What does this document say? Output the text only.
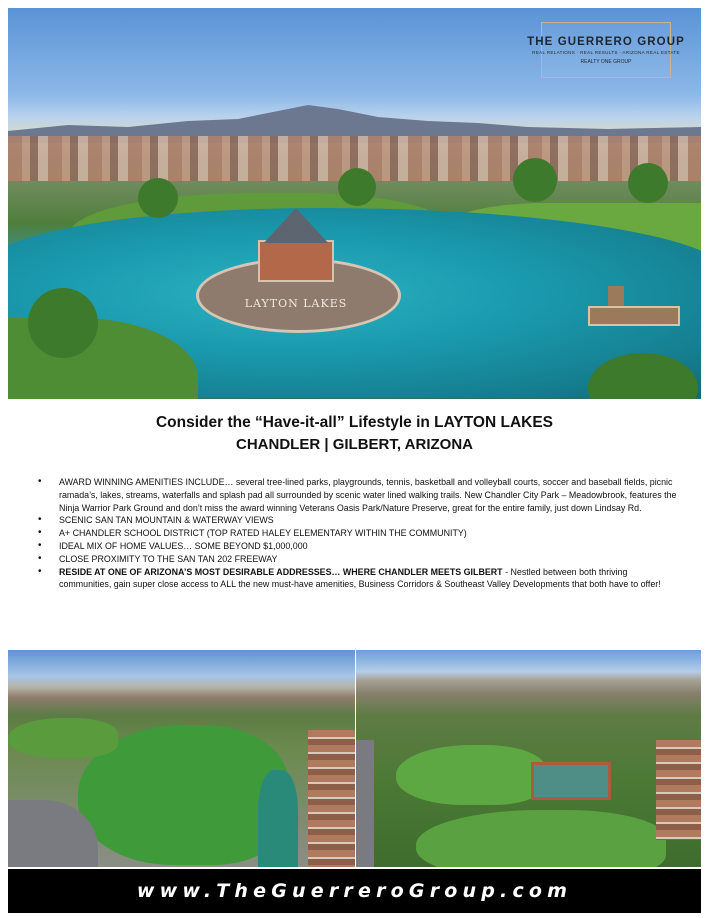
LAYTON LAKES
THE GUERRERO GROUP
REAL RELATIONS · REAL RESULTS · ARIZONA REAL ESTATE
REALTY ONE GROUP
Consider the “Have-it-all” Lifestyle in LAYTON LAKES
CHANDLER | GILBERT, ARIZONA
• AWARD WINNING AMENITIES INCLUDE… several tree-lined parks, playgrounds, tennis, basketball and volleyball courts, soccer and baseball fields, picnic ramada’s, lakes, streams, waterfalls and splash pad all surrounded by scenic water lined walking trails. New Chandler City Park – Meadowbrook, features the Ninja Warrior Park Ground and don’t miss the award winning Veterans Oasis Park/Nature Preserve, great for the entire family, just down Lindsay Rd.
• SCENIC SAN TAN MOUNTAIN & WATERWAY VIEWS
• A+ CHANDLER SCHOOL DISTRICT (TOP RATED HALEY ELEMENTARY WITHIN THE COMMUNITY)
• IDEAL MIX OF HOME VALUES… SOME BEYOND $1,000,000
• CLOSE PROXIMITY TO THE SAN TAN 202 FREEWAY
• RESIDE AT ONE OF ARIZONA’S MOST DESIRABLE ADDRESSES… WHERE CHANDLER MEETS GILBERT - Nestled between both thriving communities, gain super close access to ALL the new must-have amenities, Business Corridors & Southeast Valley Developments that both have to offer!
www.TheGuerreroGroup.com
